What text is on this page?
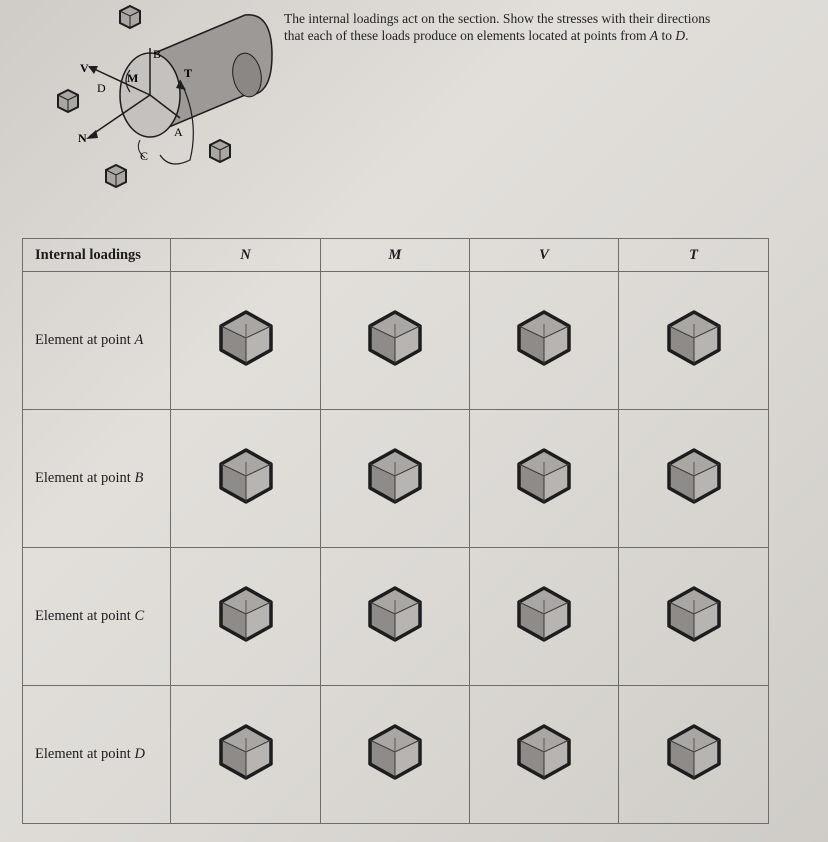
B
T
V
M
D
N	A
C
The internal loadings act on the section. Show the stresses with their directions
that each of these loads produce on elements located at points from A to D.
Internal loadings	N	M	V	T
Element at point A	

Element at point B	

Element at point C	

Element at point D	
